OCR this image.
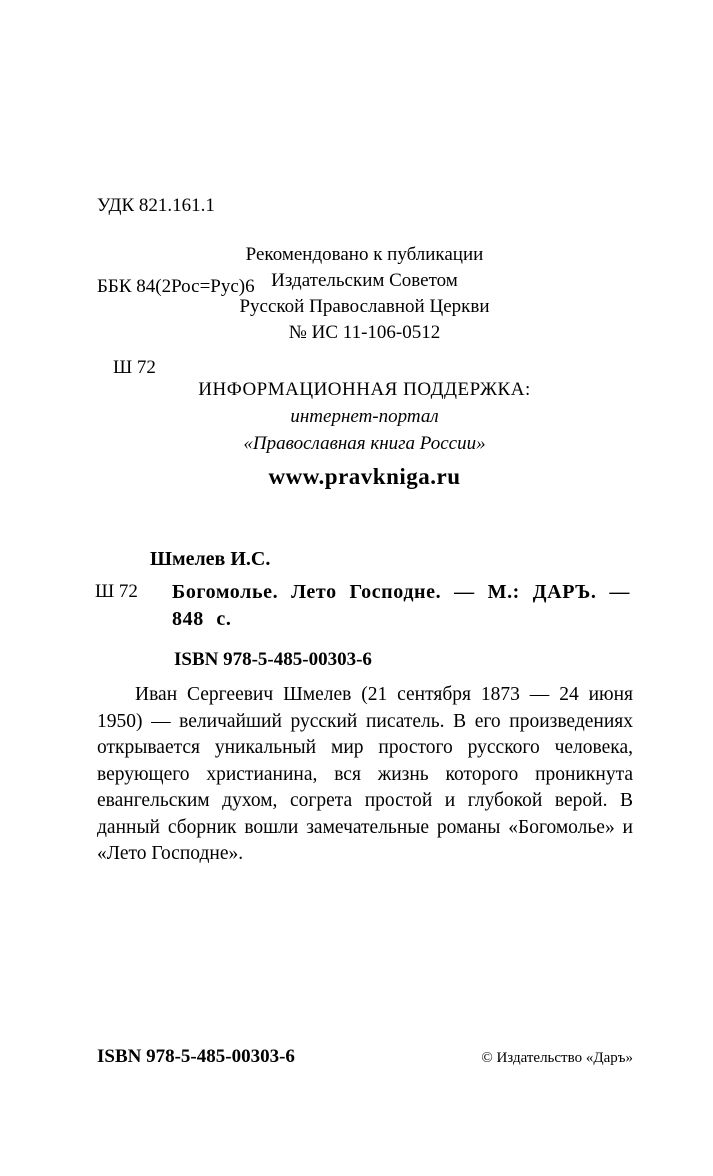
УДК 821.161.1

ББК 84(2Рос=Рус)6

Ш 72

Рекомендовано к публикации
Издательским Советом
Русской Православной Церкви
№ ИС 11-106-0512
ИНФОРМАЦИОННАЯ ПОДДЕРЖКА:
интернет-портал
«Православная книга России»
www.pravkniga.ru
Шмелев И.С.
Ш 72	Богомолье. Лето Господне. — М.: ДАРЪ. — 848 с.
ISBN 978-5-485-00303-6
Иван Сергеевич Шмелев (21 сентября 1873 — 24 июня 1950) — величайший русский писатель. В его произведениях открывается уникальный мир простого русского человека, верующего христианина, вся жизнь которого проникнута евангельским духом, согрета простой и глубокой верой. В данный сборник вошли замечательные романы «Богомолье» и «Лето Господне».
ISBN 978-5-485-00303-6	© Издательство «Даръ»
